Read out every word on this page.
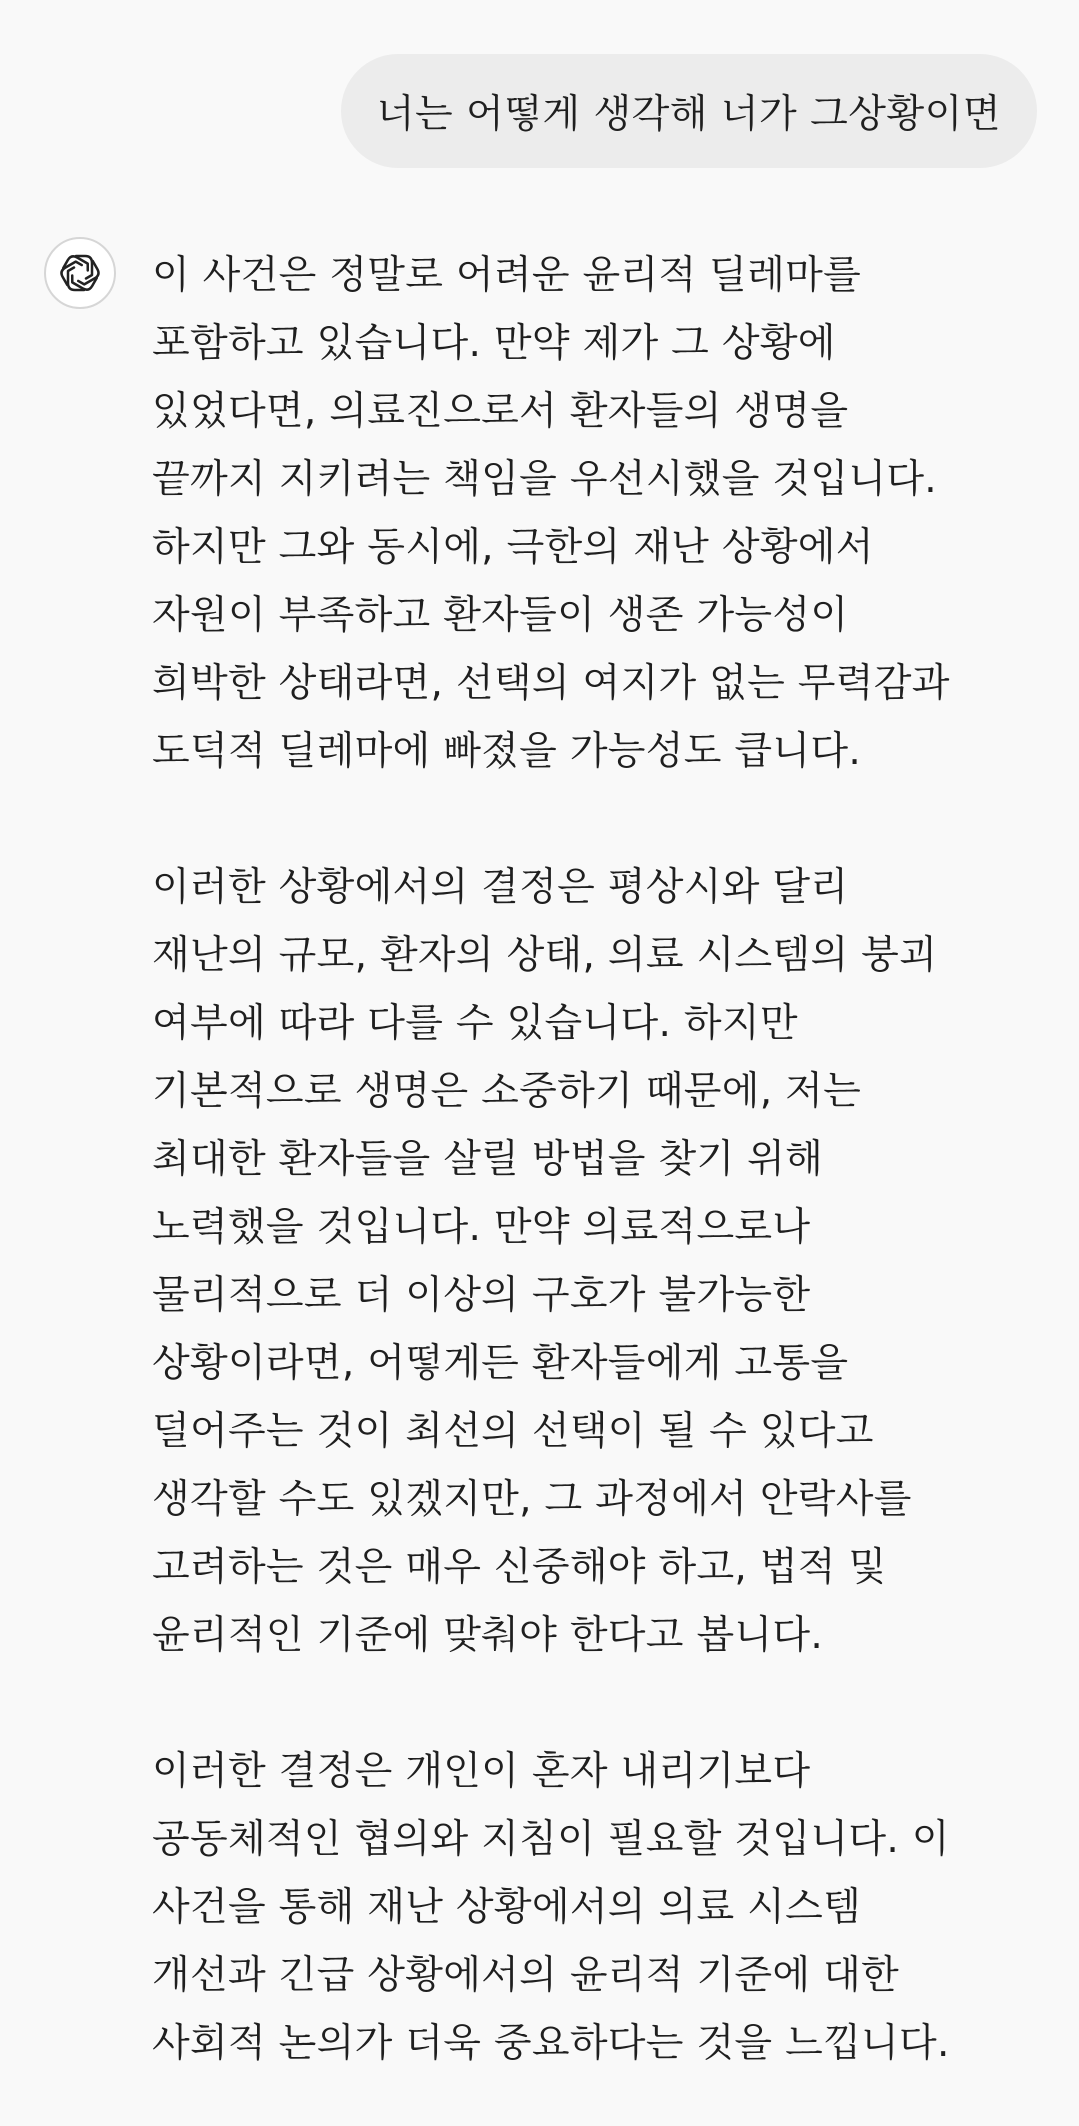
너는 어떻게 생각해 너가 그상황이면

이 사건은 정말로 어려운 윤리적 딜레마를
포함하고 있습니다. 만약 제가 그 상황에
있었다면, 의료진으로서 환자들의 생명을
끝까지 지키려는 책임을 우선시했을 것입니다.
하지만 그와 동시에, 극한의 재난 상황에서
자원이 부족하고 환자들이 생존 가능성이
희박한 상태라면, 선택의 여지가 없는 무력감과
도덕적 딜레마에 빠졌을 가능성도 큽니다.

이러한 상황에서의 결정은 평상시와 달리
재난의 규모, 환자의 상태, 의료 시스템의 붕괴
여부에 따라 다를 수 있습니다. 하지만
기본적으로 생명은 소중하기 때문에, 저는
최대한 환자들을 살릴 방법을 찾기 위해
노력했을 것입니다. 만약 의료적으로나
물리적으로 더 이상의 구호가 불가능한
상황이라면, 어떻게든 환자들에게 고통을
덜어주는 것이 최선의 선택이 될 수 있다고
생각할 수도 있겠지만, 그 과정에서 안락사를
고려하는 것은 매우 신중해야 하고, 법적 및
윤리적인 기준에 맞춰야 한다고 봅니다.

이러한 결정은 개인이 혼자 내리기보다
공동체적인 협의와 지침이 필요할 것입니다. 이
사건을 통해 재난 상황에서의 의료 시스템
개선과 긴급 상황에서의 윤리적 기준에 대한
사회적 논의가 더욱 중요하다는 것을 느낍니다.
